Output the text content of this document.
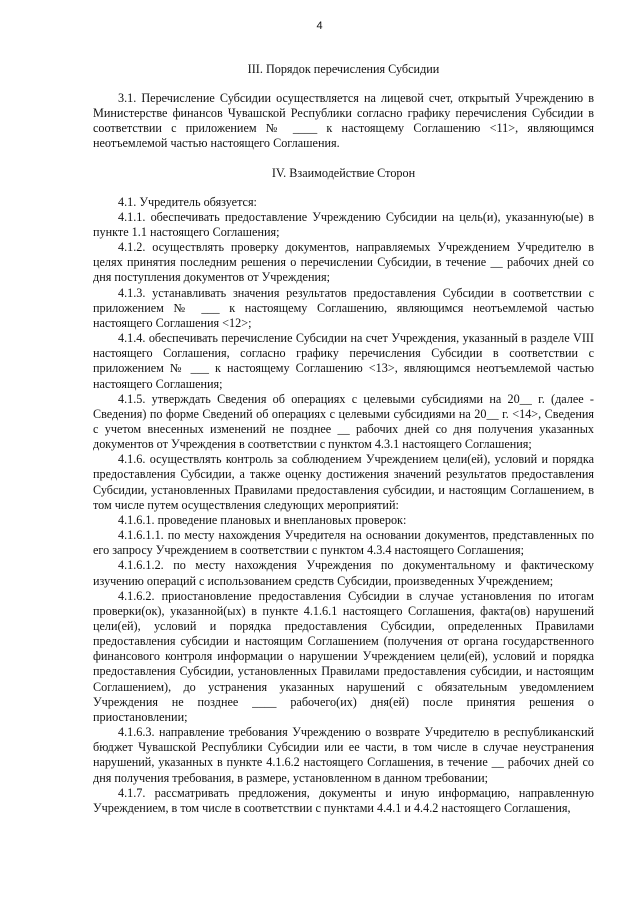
4
III. Порядок перечисления Субсидии

3.1. Перечисление Субсидии осуществляется на лицевой счет, открытый Учреждению в Министерстве финансов Чувашской Республики согласно графику перечисления Субсидии в соответствии с приложением № ____ к настоящему Соглашению <11>, являющимся неотъемлемой частью настоящего Соглашения.

IV. Взаимодействие Сторон

4.1. Учредитель обязуется:

4.1.1. обеспечивать предоставление Учреждению Субсидии на цель(и), указанную(ые) в пункте 1.1 настоящего Соглашения;

4.1.2. осуществлять проверку документов, направляемых Учреждением Учредителю в целях принятия последним решения о перечислении Субсидии, в течение __ рабочих дней со дня поступления документов от Учреждения;

4.1.3. устанавливать значения результатов предоставления Субсидии в соответствии с приложением № ___ к настоящему Соглашению, являющимся неотъемлемой частью настоящего Соглашения <12>;

4.1.4. обеспечивать перечисление Субсидии на счет Учреждения, указанный в разделе VIII настоящего Соглашения, согласно графику перечисления Субсидии в соответствии с приложением № ___ к настоящему Соглашению <13>, являющимся неотъемлемой частью настоящего Соглашения;

4.1.5. утверждать Сведения об операциях с целевыми субсидиями на 20__ г. (далее - Сведения) по форме Сведений об операциях с целевыми субсидиями на 20__ г. <14>, Сведения с учетом внесенных изменений не позднее __ рабочих дней со дня получения указанных документов от Учреждения в соответствии с пунктом 4.3.1 настоящего Соглашения;

4.1.6. осуществлять контроль за соблюдением Учреждением цели(ей), условий и порядка предоставления Субсидии, а также оценку достижения значений результатов предоставления Субсидии, установленных Правилами предоставления субсидии, и настоящим Соглашением, в том числе путем осуществления следующих мероприятий:

4.1.6.1. проведение плановых и внеплановых проверок:

4.1.6.1.1. по месту нахождения Учредителя на основании документов, представленных по его запросу Учреждением в соответствии с пунктом 4.3.4 настоящего Соглашения;

4.1.6.1.2. по месту нахождения Учреждения по документальному и фактическому изучению операций с использованием средств Субсидии, произведенных Учреждением;

4.1.6.2. приостановление предоставления Субсидии в случае установления по итогам проверки(ок), указанной(ых) в пункте 4.1.6.1 настоящего Соглашения, факта(ов) нарушений цели(ей), условий и порядка предоставления Субсидии, определенных Правилами предоставления субсидии и настоящим Соглашением (получения от органа государственного финансового контроля информации о нарушении Учреждением цели(ей), условий и порядка предоставления Субсидии, установленных Правилами предоставления субсидии, и настоящим Соглашением), до устранения указанных нарушений с обязательным уведомлением Учреждения не позднее ____ рабочего(их) дня(ей) после принятия решения о приостановлении;

4.1.6.3. направление требования Учреждению о возврате Учредителю в республиканский бюджет Чувашской Республики Субсидии или ее части, в том числе в случае неустранения нарушений, указанных в пункте 4.1.6.2 настоящего Соглашения, в течение __ рабочих дней со дня получения требования, в размере, установленном в данном требовании;

4.1.7. рассматривать предложения, документы и иную информацию, направленную Учреждением, в том числе в соответствии с пунктами 4.4.1 и 4.4.2 настоящего Соглашения,
